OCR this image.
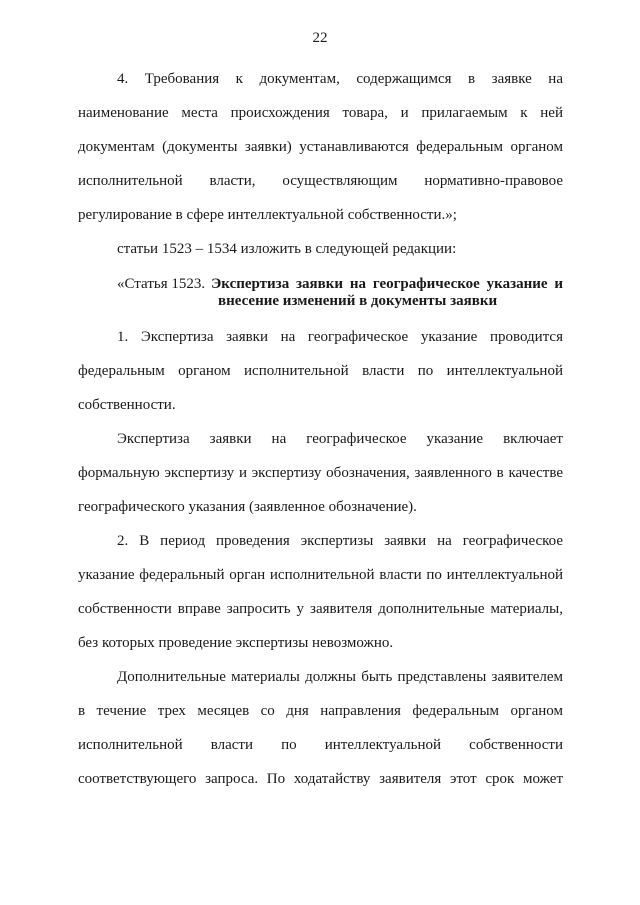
22
4. Требования к документам, содержащимся в заявке на
наименование места происхождения товара, и прилагаемым к ней
документам (документы заявки) устанавливаются федеральным органом
исполнительной власти, осуществляющим нормативно-правовое
регулирование в сфере интеллектуальной собственности.»;
статьи 1523 – 1534 изложить в следующей редакции:
«Статья 1523. Экспертиза заявки на географическое указание и
внесение изменений в документы заявки
1. Экспертиза заявки на географическое указание проводится
федеральным органом исполнительной власти по интеллектуальной
собственности.
Экспертиза заявки на географическое указание включает
формальную экспертизу и экспертизу обозначения, заявленного в качестве
географического указания (заявленное обозначение).
2. В период проведения экспертизы заявки на географическое
указание федеральный орган исполнительной власти по интеллектуальной
собственности вправе запросить у заявителя дополнительные материалы,
без которых проведение экспертизы невозможно.
Дополнительные материалы должны быть представлены заявителем
в течение трех месяцев со дня направления федеральным органом
исполнительной власти по интеллектуальной собственности
соответствующего запроса. По ходатайству заявителя этот срок может
